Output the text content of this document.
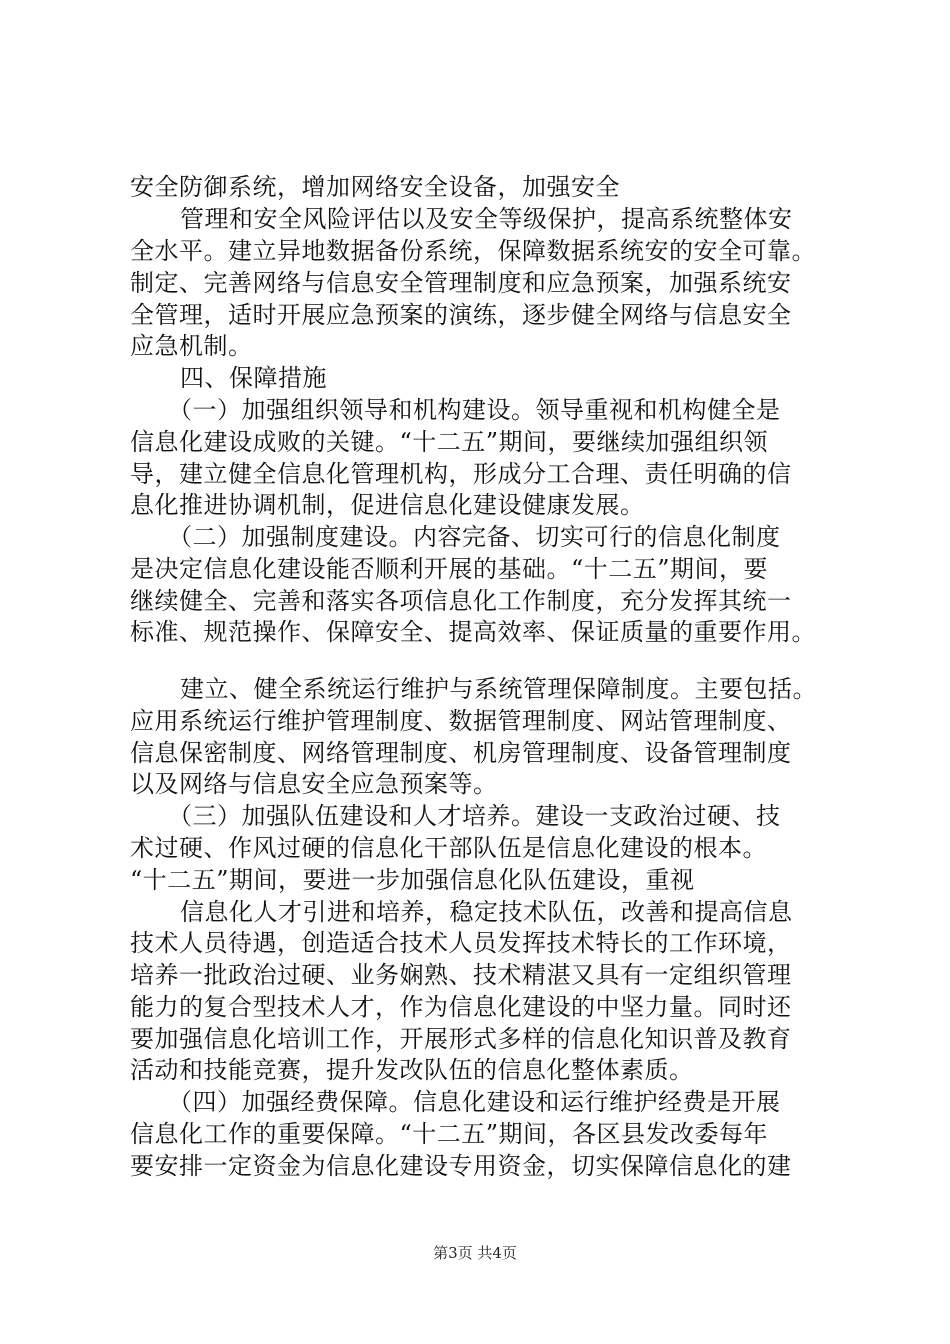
安全防御系统，增加网络安全设备，加强安全
管理和安全风险评估以及安全等级保护，提高系统整体安
全水平。建立异地数据备份系统，保障数据系统安的安全可靠。
制定、完善网络与信息安全管理制度和应急预案，加强系统安
全管理，适时开展应急预案的演练，逐步健全网络与信息安全
应急机制。
四、保障措施
（一）加强组织领导和机构建设。领导重视和机构健全是
信息化建设成败的关键。“十二五”期间，要继续加强组织领
导，建立健全信息化管理机构，形成分工合理、责任明确的信
息化推进协调机制，促进信息化建设健康发展。
（二）加强制度建设。内容完备、切实可行的信息化制度
是决定信息化建设能否顺利开展的基础。“十二五”期间，要
继续健全、完善和落实各项信息化工作制度，充分发挥其统一
标准、规范操作、保障安全、提高效率、保证质量的重要作用。
建立、健全系统运行维护与系统管理保障制度。主要包括。
应用系统运行维护管理制度、数据管理制度、网站管理制度、
信息保密制度、网络管理制度、机房管理制度、设备管理制度
以及网络与信息安全应急预案等。
（三）加强队伍建设和人才培养。建设一支政治过硬、技
术过硬、作风过硬的信息化干部队伍是信息化建设的根本。
“十二五”期间，要进一步加强信息化队伍建设，重视
信息化人才引进和培养，稳定技术队伍，改善和提高信息
技术人员待遇，创造适合技术人员发挥技术特长的工作环境，
培养一批政治过硬、业务娴熟、技术精湛又具有一定组织管理
能力的复合型技术人才，作为信息化建设的中坚力量。同时还
要加强信息化培训工作，开展形式多样的信息化知识普及教育
活动和技能竞赛，提升发改队伍的信息化整体素质。
（四）加强经费保障。信息化建设和运行维护经费是开展
信息化工作的重要保障。“十二五”期间，各区县发改委每年
要安排一定资金为信息化建设专用资金，切实保障信息化的建
第3页 共4页
